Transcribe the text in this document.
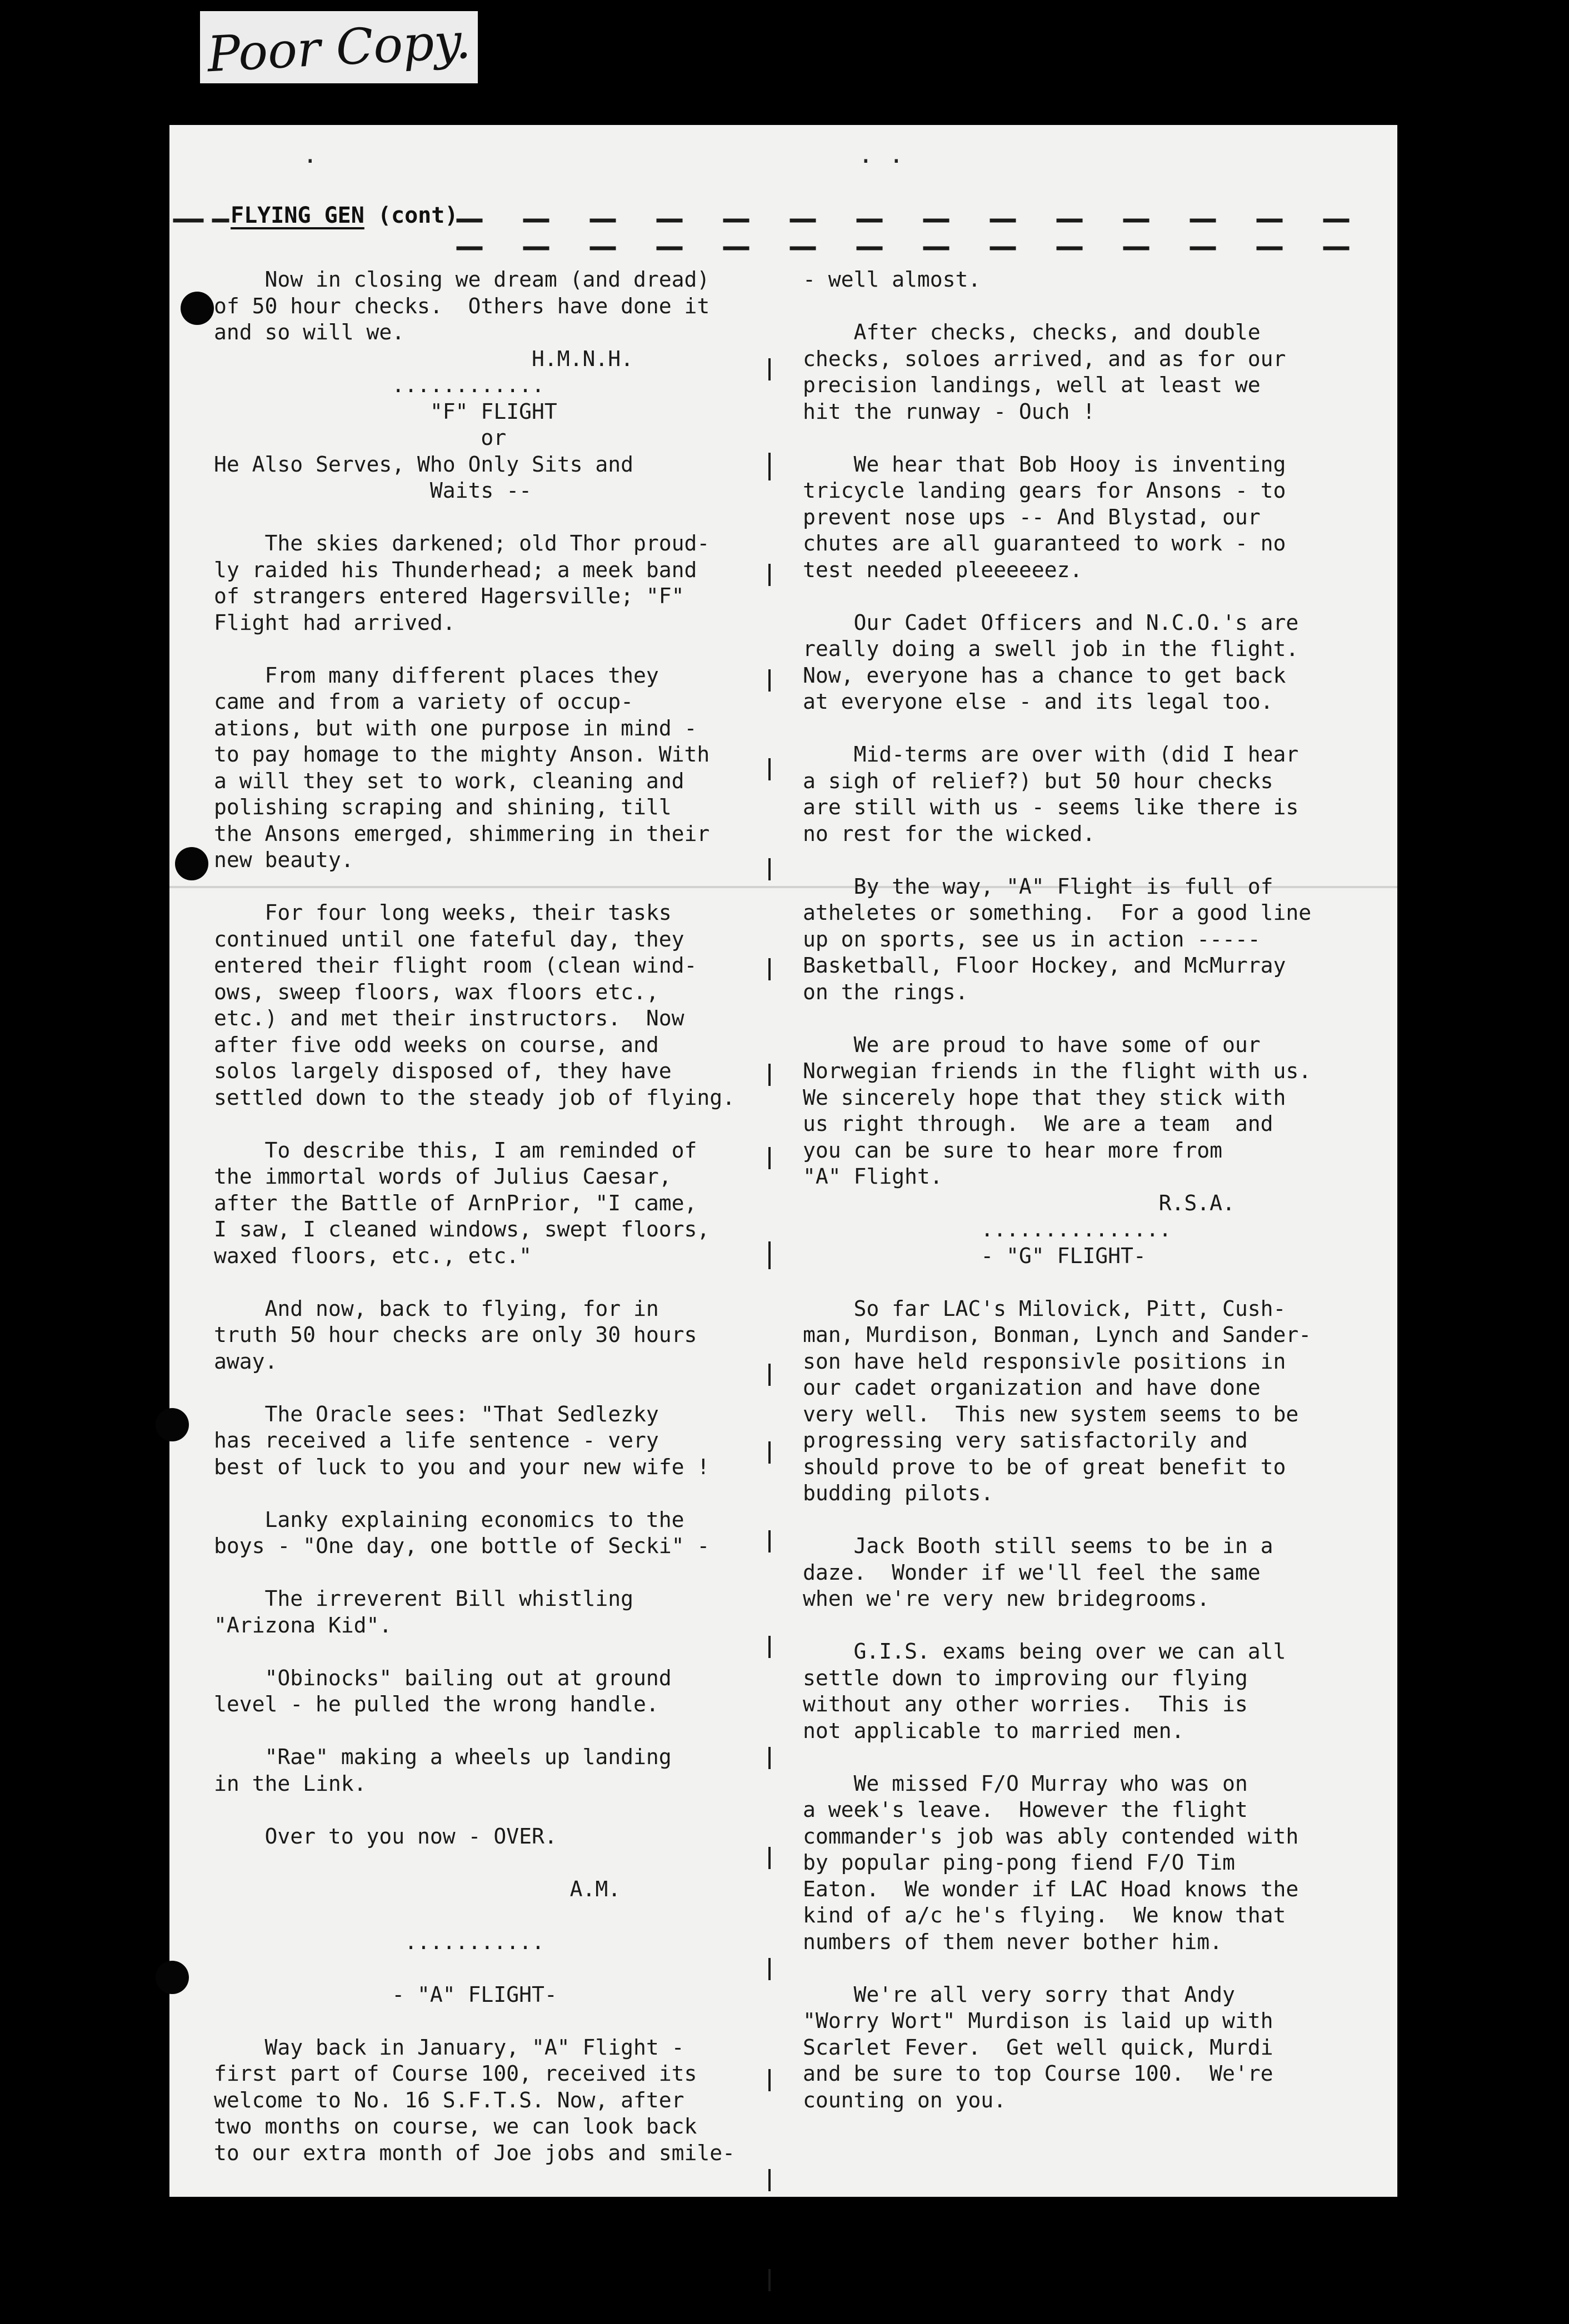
Poor Copy.
·	· ·
FLYING GEN (cont)

Now in closing we dream (and dread)

of 50 hour checks.  Others have done it

and so will we.

H.M.N.H.

............

"F" FLIGHT

or

He Also Serves, Who Only Sits and

Waits --

The skies darkened; old Thor proud-

ly raided his Thunderhead; a meek band

of strangers entered Hagersville; "F"

Flight had arrived.

From many different places they

came and from a variety of occup-

ations, but with one purpose in mind -

to pay homage to the mighty Anson. With

a will they set to work, cleaning and

polishing scraping and shining, till

the Ansons emerged, shimmering in their

new beauty.

For four long weeks, their tasks

continued until one fateful day, they

entered their flight room (clean wind-

ows, sweep floors, wax floors etc.,

etc.) and met their instructors.  Now

after five odd weeks on course, and

solos largely disposed of, they have

settled down to the steady job of flying.

To describe this, I am reminded of

the immortal words of Julius Caesar,

after the Battle of ArnPrior, "I came,

I saw, I cleaned windows, swept floors,

waxed floors, etc., etc."

And now, back to flying, for in

truth 50 hour checks are only 30 hours

away.

The Oracle sees: "That Sedlezky

has received a life sentence - very

best of luck to you and your new wife !

Lanky explaining economics to the

boys - "One day, one bottle of Secki" -

The irreverent Bill whistling

"Arizona Kid".

"Obinocks" bailing out at ground

level - he pulled the wrong handle.

"Rae" making a wheels up landing

in the Link.

Over to you now - OVER.

A.M.

...........

- "A" FLIGHT-

Way back in January, "A" Flight -

first part of Course 100, received its

welcome to No. 16 S.F.T.S. Now, after

two months on course, we can look back

to our extra month of Joe jobs and smile-

- well almost.

After checks, checks, and double

checks, soloes arrived, and as for our

precision landings, well at least we

hit the runway - Ouch !

We hear that Bob Hooy is inventing

tricycle landing gears for Ansons - to

prevent nose ups -- And Blystad, our

chutes are all guaranteed to work - no

test needed pleeeeeez.

Our Cadet Officers and N.C.O.'s are

really doing a swell job in the flight.

Now, everyone has a chance to get back

at everyone else - and its legal too.

Mid-terms are over with (did I hear

a sigh of relief?) but 50 hour checks

are still with us - seems like there is

no rest for the wicked.

By the way, "A" Flight is full of

atheletes or something.  For a good line

up on sports, see us in action -----

Basketball, Floor Hockey, and McMurray

on the rings.

We are proud to have some of our

Norwegian friends in the flight with us.

We sincerely hope that they stick with

us right through.  We are a team  and

you can be sure to hear more from

"A" Flight.

R.S.A.

...............

- "G" FLIGHT-

So far LAC's Milovick, Pitt, Cush-

man, Murdison, Bonman, Lynch and Sander-

son have held responsivle positions in

our cadet organization and have done

very well.  This new system seems to be

progressing very satisfactorily and

should prove to be of great benefit to

budding pilots.

Jack Booth still seems to be in a

daze.  Wonder if we'll feel the same

when we're very new bridegrooms.

G.I.S. exams being over we can all

settle down to improving our flying

without any other worries.  This is

not applicable to married men.

We missed F/O Murray who was on

a week's leave.  However the flight

commander's job was ably contended with

by popular ping-pong fiend F/O Tim

Eaton.  We wonder if LAC Hoad knows the

kind of a/c he's flying.  We know that

numbers of them never bother him.

We're all very sorry that Andy

"Worry Wort" Murdison is laid up with

Scarlet Fever.  Get well quick, Murdi

and be sure to top Course 100.  We're

counting on you.
